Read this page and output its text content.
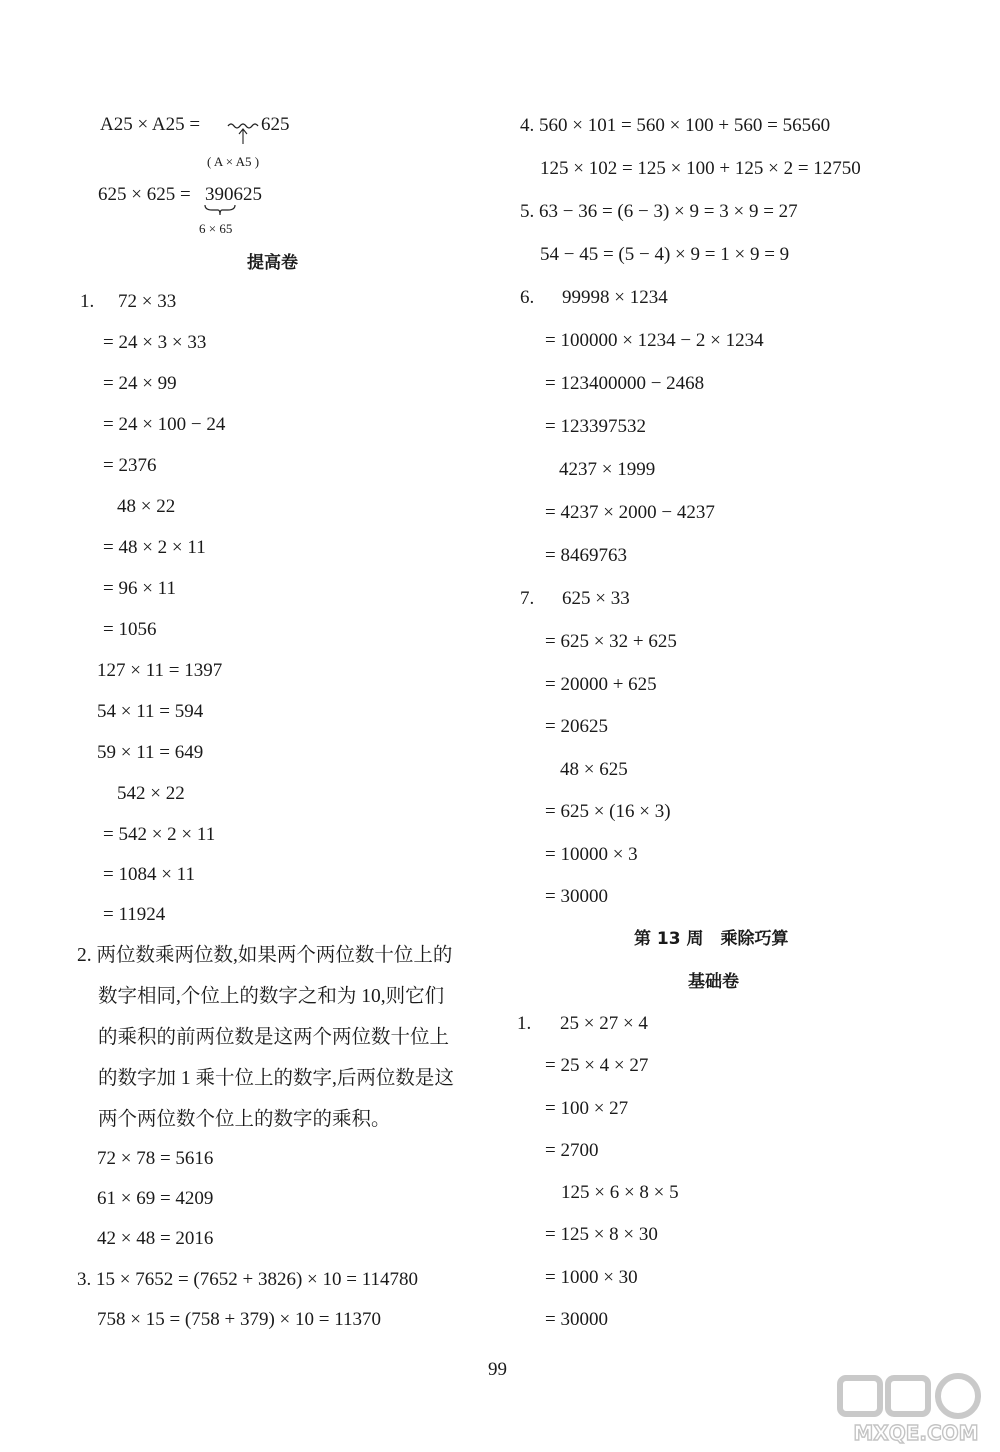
A25 × A25 =	625
( A × A5 )
625 × 625 = 390625
6 × 65
提高卷
1. 72 × 33
= 24 × 3 × 33
= 24 × 99
= 24 × 100 − 24
= 2376
48 × 22
= 48 × 2 × 11
= 96 × 11
= 1056
127 × 11 = 1397
54 × 11 = 594
59 × 11 = 649
542 × 22
= 542 × 2 × 11
= 1084 × 11
= 11924
2. 两位数乘两位数,如果两个两位数十位上的
数字相同,个位上的数字之和为 10,则它们
的乘积的前两位数是这两个两位数十位上
的数字加 1 乘十位上的数字,后两位数是这
两个两位数个位上的数字的乘积。
72 × 78 = 5616
61 × 69 = 4209
42 × 48 = 2016
3. 15 × 7652 = (7652 + 3826) × 10 = 114780
758 × 15 = (758 + 379) × 10 = 11370
4. 560 × 101 = 560 × 100 + 560 = 56560
125 × 102 = 125 × 100 + 125 × 2 = 12750
5. 63 − 36 = (6 − 3) × 9 = 3 × 9 = 27
54 − 45 = (5 − 4) × 9 = 1 × 9 = 9
6. 99998 × 1234
= 100000 × 1234 − 2 × 1234
= 123400000 − 2468
= 123397532
4237 × 1999
= 4237 × 2000 − 4237
= 8469763
7. 625 × 33
= 625 × 32 + 625
= 20000 + 625
= 20625
48 × 625
= 625 × (16 × 3)
= 10000 × 3
= 30000
第 13 周　乘除巧算
基础卷
1. 25 × 27 × 4
= 25 × 4 × 27
= 100 × 27
= 2700
125 × 6 × 8 × 5
= 125 × 8 × 30
= 1000 × 30
= 30000
99
MXQE.COM
